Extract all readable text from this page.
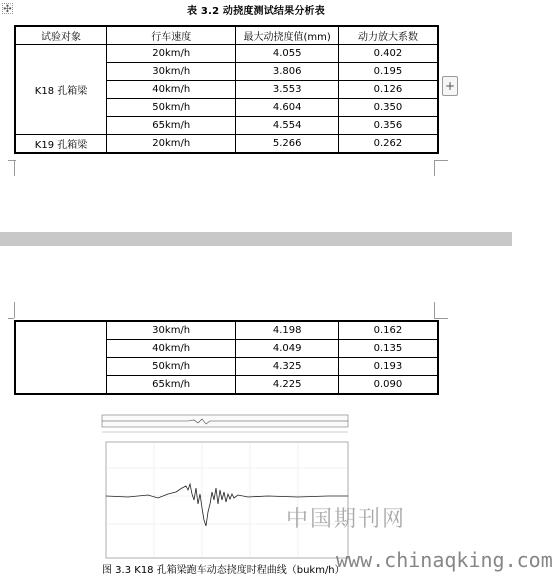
✣	表 3.2 动挠度测试结果分析表
试验对象	行车速度	最大动挠度值(mm)	动力放大系数
K18 孔箱梁	20km/h	4.055	0.402
	30km/h	3.806	0.195
	40km/h	3.553	0.126
	50km/h	4.604	0.350
	65km/h	4.554	0.356
K19 孔箱梁	20km/h	5.266	0.262
+
	30km/h	4.198	0.162
	40km/h	4.049	0.135
	50km/h	4.325	0.193
	65km/h	4.225	0.090
图 3.3 K18 孔箱梁跑车动态挠度时程曲线（bukm/h）
中国期刊网
www.chinaqking.com
